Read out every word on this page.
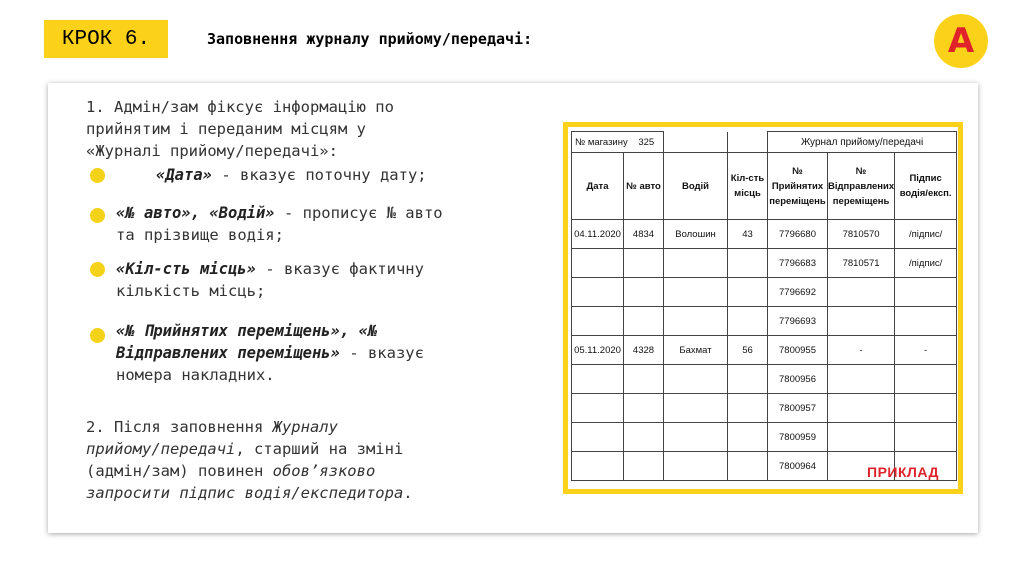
КРОК 6.	Заповнення журналу прийому/передачі:	A
1. Адмін/зам фіксує інформацію по
прийнятим і переданим місцям у
«Журналі прийому/передачі»:
«Дата» - вказує поточну дату;
«№ авто», «Водій» - прописує № авто
та прізвище водія;
«Кіл-сть місць» - вказує фактичну
кількість місць;
«№ Прийнятих переміщень», «№
Відправлених переміщень» - вказує
номера накладних.
2. Після заповнення Журналу
прийому/передачі, старший на зміні
(адмін/зам) повинен обов’язково
запросити підпис водія/експедитора.
№ магазину 325				Журнал прийому/передачі		
Дата	№ авто	Водій	Кіл-сть місць	№ Прийнятих переміщень	№ Відправлених переміщень	Підпис водія/експ.
04.11.2020	4834	Волошин	43	7796680	7810570	/підпис/
				7796683	7810571	/підпис/
				7796692		
				7796693		
05.11.2020	4328	Бахмат	56	7800955	-	-
				7800956		
				7800957		
				7800959		
				7800964			ПРИКЛАД
